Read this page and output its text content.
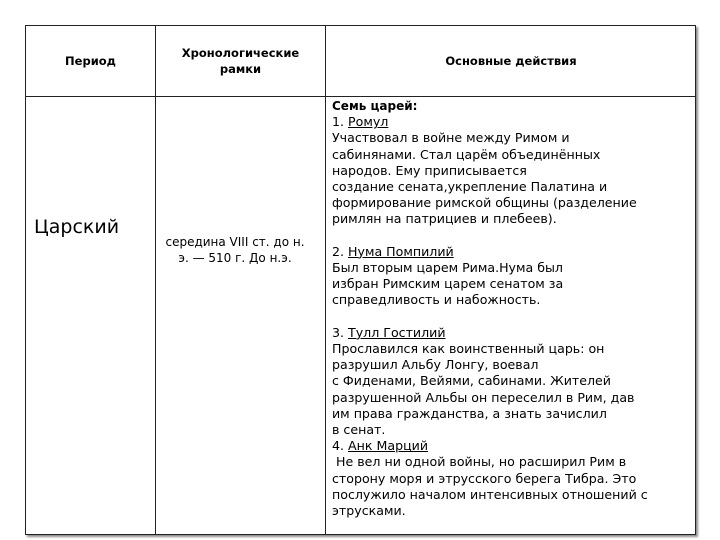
Период
Хронологические рамки
Основные действия
Царский
середина VIII ст. до н. э. — 510 г. До н.э.

Семь царей:

1. Ромул

Участвовал в войне между Римом и

сабинянами. Стал царём объединённых

народов. Ему приписывается

создание сената,укрепление Палатина и

формирование римской общины (разделение

римлян на патрициев и плебеев).

2. Нума Помпилий

Был вторым царем Рима.Нума был

избран Римским царем сенатом за

справедливость и набожность.

3. Тулл Гостилий

Прославился как воинственный царь: он

разрушил Альбу Лонгу, воевал

с Фиденами, Вейями, сабинами. Жителей

разрушенной Альбы он переселил в Рим, дав

им права гражданства, а знать зачислил

в сенат.

4. Анк Марций

Не вел ни одной войны, но расширил Рим в

сторону моря и этрусского берега Тибра. Это

послужило началом интенсивных отношений с

этрусками.
